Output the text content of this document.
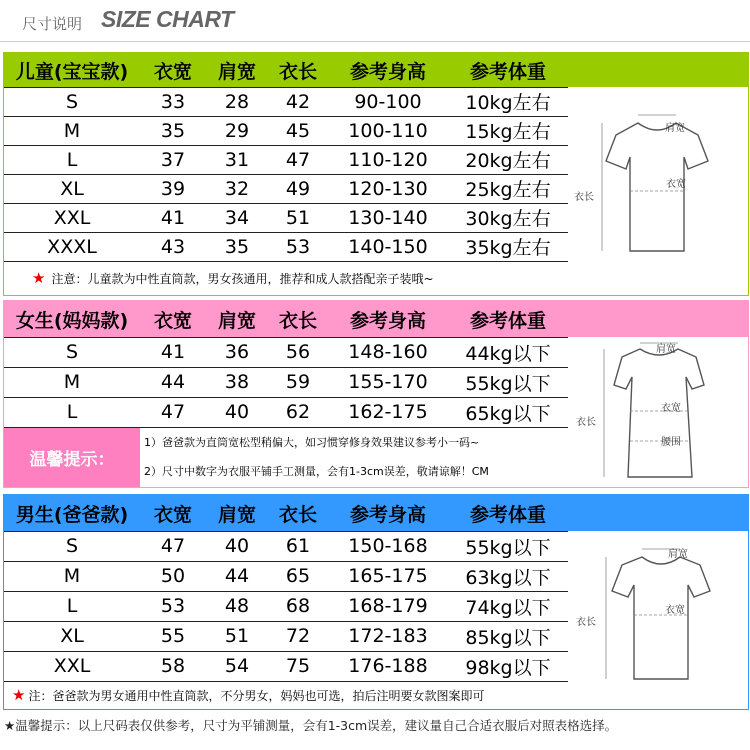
尺寸说明 SIZE CHART
儿童(宝宝款)	衣宽	肩宽	衣长	参考身高	参考体重
S	33	28	42	90-100	10kg左右
M	35	29	45	100-110	15kg左右
L	37	31	47	110-120	20kg左右
XL	39	32	49	120-130	25kg左右
XXL	41	34	51	130-140	30kg左右
XXXL	43	35	53	140-150	35kg左右
★ 注意：儿童款为中性直筒款，男女孩通用，推荐和成人款搭配亲子装哦~
肩宽
衣宽
衣长
女生(妈妈款)	衣宽	肩宽	衣长	参考身高	参考体重
S	41	36	56	148-160	44kg以下
M	44	38	59	155-170	55kg以下
L	47	40	62	162-175	65kg以下
温馨提示：
1）爸爸款为直筒宽松型稍偏大，如习惯穿修身效果建议参考小一码~
2）尺寸中数字为衣服平铺手工测量，会有1-3cm误差，敬请谅解！CM
肩宽
衣宽
腰围
衣长
男生(爸爸款)	衣宽	肩宽	衣长	参考身高	参考体重
S	47	40	61	150-168	55kg以下
M	50	44	65	165-175	63kg以下
L	53	48	68	168-179	74kg以下
XL	55	51	72	172-183	85kg以下
XXL	58	54	75	176-188	98kg以下
★ 注：爸爸款为男女通用中性直筒款，不分男女，妈妈也可选，拍后注明要女款图案即可
肩宽
衣宽
衣长
★温馨提示：以上尺码表仅供参考，尺寸为平铺测量，会有1-3cm误差，建议量自己合适衣服后对照表格选择。
